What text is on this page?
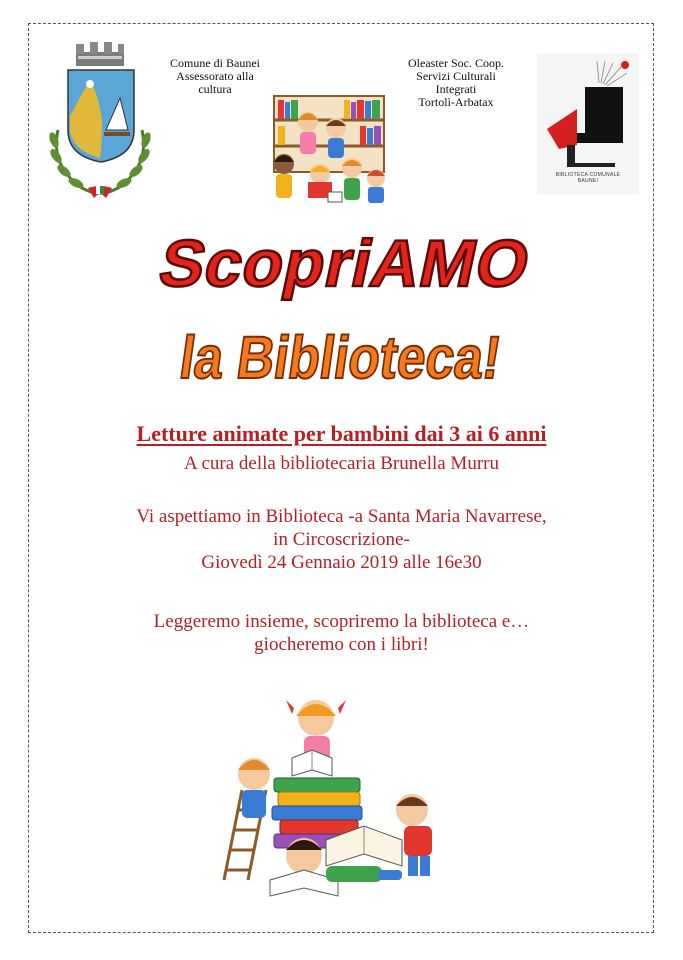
Comune di Baunei
Assessorato alla
cultura
Oleaster Soc. Coop.
Servizi Culturali
Integrati
Tortolì-Arbatax
BIBLIOTECA COMUNALE
BAUNEI
ScopriAMO
la Biblioteca!
Letture animate per bambini dai 3 ai 6 anni
A cura della bibliotecaria Brunella Murru
Vi aspettiamo in Biblioteca -a Santa Maria Navarrese,
in Circoscrizione-
Giovedì 24 Gennaio 2019 alle 16e30
Leggeremo insieme, scopriremo la biblioteca e…
giocheremo con i libri!
